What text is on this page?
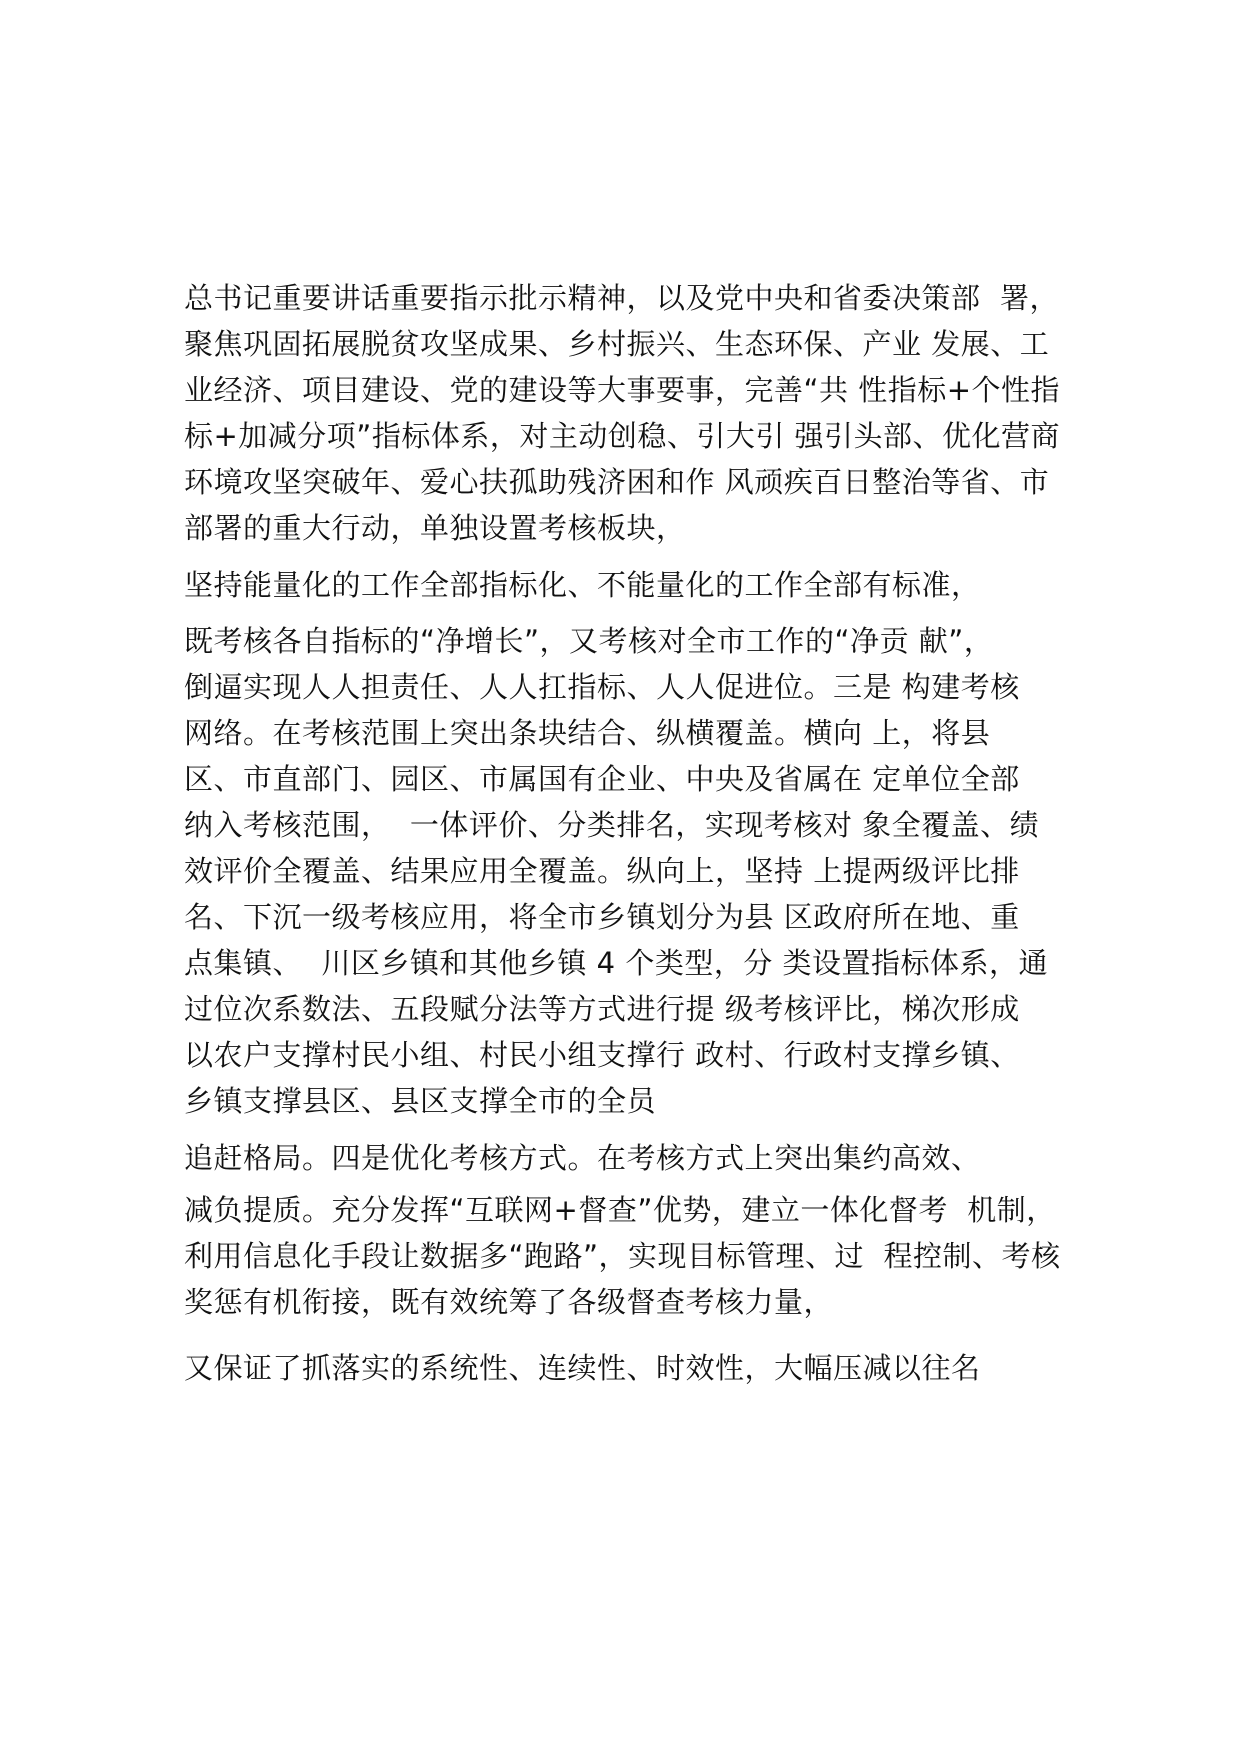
总书记重要讲话重要指示批示精神，以及党中央和省委决策部  署，
聚焦巩固拓展脱贫攻坚成果、乡村振兴、生态环保、产业 发展、工
业经济、项目建设、党的建设等大事要事，完善“共 性指标+个性指
标+加减分项”指标体系，对主动创稳、引大引 强引头部、优化营商
环境攻坚突破年、爱心扶孤助残济困和作 风顽疾百日整治等省、市
部署的重大行动，单独设置考核板块，
坚持能量化的工作全部指标化、不能量化的工作全部有标准，
既考核各自指标的“净增长”，又考核对全市工作的“净贡 献”，
倒逼实现人人担责任、人人扛指标、人人促进位。三是 构建考核
网络。在考核范围上突出条块结合、纵横覆盖。横向 上，将县
区、市直部门、园区、市属国有企业、中央及省属在 定单位全部
纳入考核范围，  一体评价、分类排名，实现考核对 象全覆盖、绩
效评价全覆盖、结果应用全覆盖。纵向上，坚持 上提两级评比排
名、下沉一级考核应用，将全市乡镇划分为县 区政府所在地、重
点集镇、  川区乡镇和其他乡镇 4 个类型，分 类设置指标体系，通
过位次系数法、五段赋分法等方式进行提 级考核评比，梯次形成
以农户支撑村民小组、村民小组支撑行 政村、行政村支撑乡镇、
乡镇支撑县区、县区支撑全市的全员
追赶格局。四是优化考核方式。在考核方式上突出集约高效、
减负提质。充分发挥“互联网+督查”优势，建立一体化督考  机制，
利用信息化手段让数据多“跑路”，实现目标管理、过  程控制、考核
奖惩有机衔接，既有效统筹了各级督查考核力量，
又保证了抓落实的系统性、连续性、时效性，大幅压减以往名
